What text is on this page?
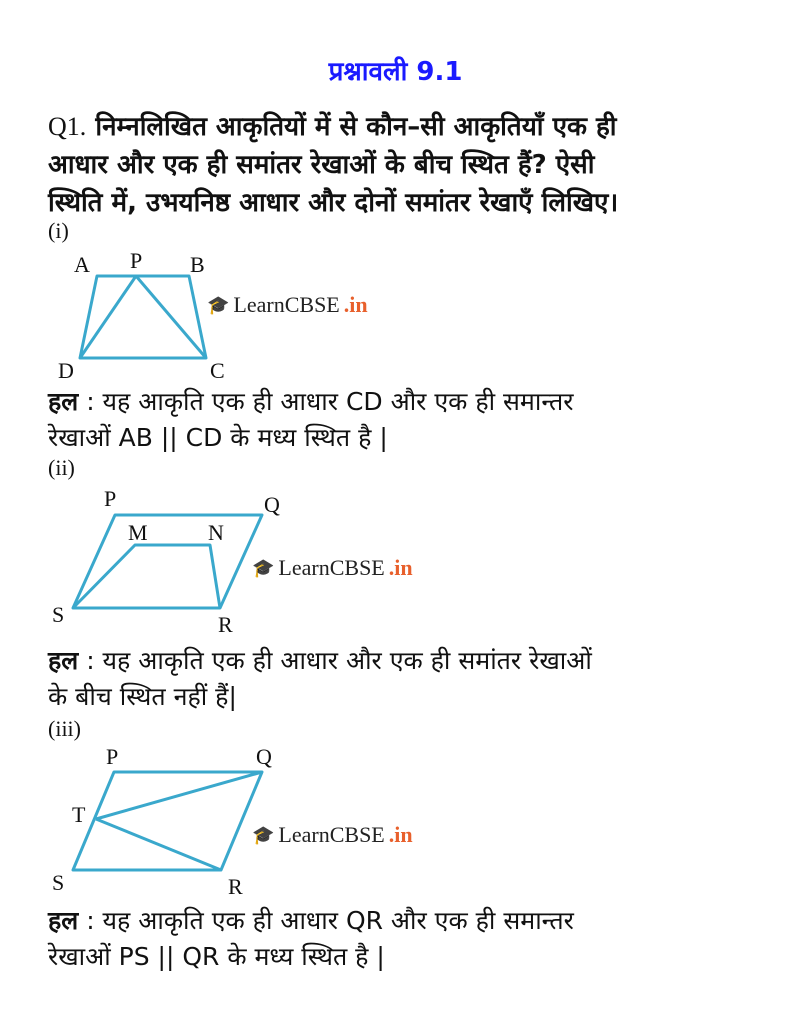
प्रश्नावली 9.1
Q1. निम्नलिखित आकृतियों में से कौन–सी आकृतियाँ एक ही
आधार और एक ही समांतर रेखाओं के बीच स्थित हैं? ऐसी
स्थिति में, उभयनिष्ठ आधार और दोनों समांतर रेखाएँ लिखिए।
(i)
A P B
D	C
🎓 LearnCBSE .in
हल : यह आकृति एक ही आधार CD और एक ही समान्तर
रेखाओं AB || CD के मध्य स्थित है |
(ii)
P	Q
M	N
S	R
🎓 LearnCBSE .in
हल : यह आकृति एक ही आधार और एक ही समांतर रेखाओं
के बीच स्थित नहीं हैं|
(iii)
P	Q
T
S	R
🎓 LearnCBSE .in
हल : यह आकृति एक ही आधार QR और एक ही समान्तर
रेखाओं PS || QR के मध्य स्थित है |
